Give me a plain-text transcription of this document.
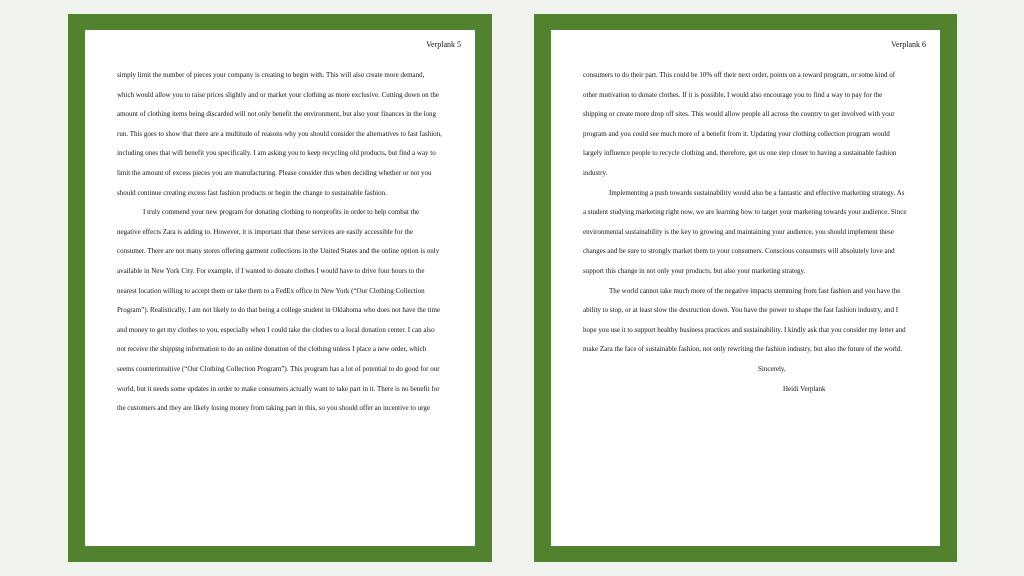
Verplank 5

simply limit the number of pieces your company is creating to begin with. This will also create more demand, which would allow you to raise prices slightly and or market your clothing as more exclusive. Cutting down on the amount of clothing items being discarded will not only benefit the environment, but also your finances in the long run. This goes to show that there are a multitude of reasons why you should consider the alternatives to fast fashion, including ones that will benefit you specifically. I am asking you to keep recycling old products, but find a way to limit the amount of excess pieces you are manufacturing. Please consider this when deciding whether or not you should continue creating excess fast fashion products or begin the change to sustainable fashion.

I truly commend your new program for donating clothing to nonprofits in order to help combat the negative effects Zara is adding to. However, it is important that these services are easily accessible for the consumer. There are not many stores offering garment collections in the United States and the online option is only available in New York City. For example, if I wanted to donate clothes I would have to drive four hours to the nearest location willing to accept them or take them to a FedEx office in New York (“Our Clothing Collection Program”). Realistically, I am not likely to do that being a college student in Oklahoma who does not have the time and money to get my clothes to you, especially when I could take the clothes to a local donation center. I can also not receive the shipping information to do an online donation of the clothing unless I place a new order, which seems counterintuitive (“Our Clothing Collection Program”). This program has a lot of potential to do good for our world, but it needs some updates in order to make consumers actually want to take part in it. There is no benefit for the customers and they are likely losing money from taking part in this, so you should offer an incentive to urge

Verplank 6

consumers to do their part. This could be 10% off their next order, points on a reward program, or some kind of other motivation to donate clothes. If it is possible, I would also encourage you to find a way to pay for the shipping or create more drop off sites. This would allow people all across the country to get involved with your program and you could see much more of a benefit from it. Updating your clothing collection program would largely influence people to recycle clothing and, therefore, get us one step closer to having a sustainable fashion industry.

Implementing a push towards sustainability would also be a fantastic and effective marketing strategy. As a student studying marketing right now, we are learning how to target your marketing towards your audience. Since environmental sustainability is the key to growing and maintaining your audience, you should implement these changes and be sure to strongly market them to your consumers. Conscious consumers will absolutely love and support this change in not only your products, but also your marketing strategy.

The world cannot take much more of the negative impacts stemming from fast fashion and you have the ability to stop, or at least slow the destruction down. You have the power to shape the fast fashion industry, and I hope you use it to support healthy business practices and sustainability. I kindly ask that you consider my letter and make Zara the face of sustainable fashion, not only rewriting the fashion industry, but also the future of the world.

Sincerely,

Heidi Verplank
